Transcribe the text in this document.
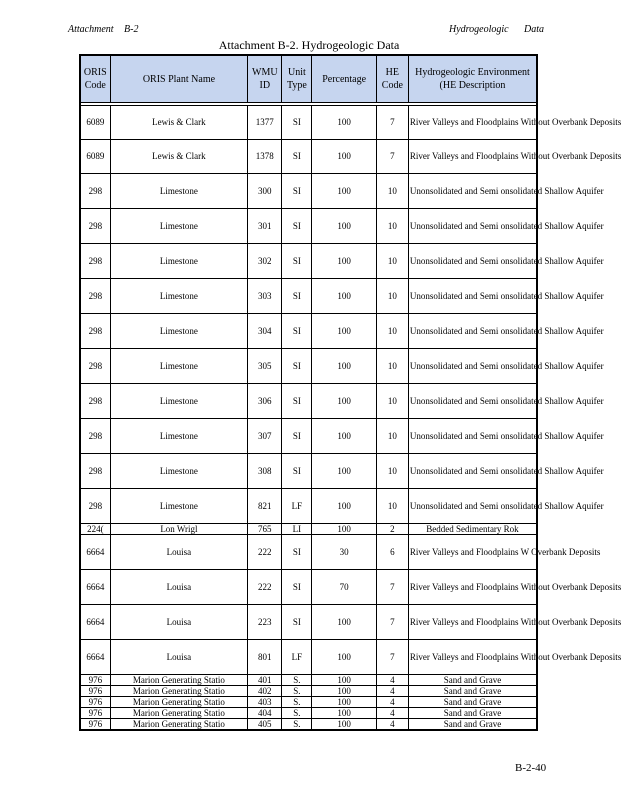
Attachment B-2	Hydrogeologic Data
Attachment B-2. Hydrogeologic Data
ORIS Code	ORIS Plant Name	WMU ID	Unit Type	Percentage	HE Code	Hydrogeologic Environment (HE Description

6089	Lewis & Clark	1377	SI	100	7	River Valleys and Floodplains Without Overbank Deposits
6089	Lewis & Clark	1378	SI	100	7	River Valleys and Floodplains Without Overbank Deposits
298	Limestone	300	SI	100	10	Unonsolidated and Semi onsolidated Shallow Aquifer
298	Limestone	301	SI	100	10	Unonsolidated and Semi onsolidated Shallow Aquifer
298	Limestone	302	SI	100	10	Unonsolidated and Semi onsolidated Shallow Aquifer
298	Limestone	303	SI	100	10	Unonsolidated and Semi onsolidated Shallow Aquifer
298	Limestone	304	SI	100	10	Unonsolidated and Semi onsolidated Shallow Aquifer
298	Limestone	305	SI	100	10	Unonsolidated and Semi onsolidated Shallow Aquifer
298	Limestone	306	SI	100	10	Unonsolidated and Semi onsolidated Shallow Aquifer
298	Limestone	307	SI	100	10	Unonsolidated and Semi onsolidated Shallow Aquifer
298	Limestone	308	SI	100	10	Unonsolidated and Semi onsolidated Shallow Aquifer
298	Limestone	821	LF	100	10	Unonsolidated and Semi onsolidated Shallow Aquifer
224(	Lon Wrigl	765	LI	100	2	Bedded Sedimentary Rok
6664	Louisa	222	SI	30	6	River Valleys and Floodplains W Overbank Deposits
6664	Louisa	222	SI	70	7	River Valleys and Floodplains Without Overbank Deposits
6664	Louisa	223	SI	100	7	River Valleys and Floodplains Without Overbank Deposits
6664	Louisa	801	LF	100	7	River Valleys and Floodplains Without Overbank Deposits
976	Marion Generating Statio	401	S.	100	4	Sand and Grave
976	Marion Generating Statio	402	S.	100	4	Sand and Grave
976	Marion Generating Statio	403	S.	100	4	Sand and Grave
976	Marion Generating Statio	404	S.	100	4	Sand and Grave
976	Marion Generating Statio	405	S.	100	4	Sand and Grave
B-2-40
